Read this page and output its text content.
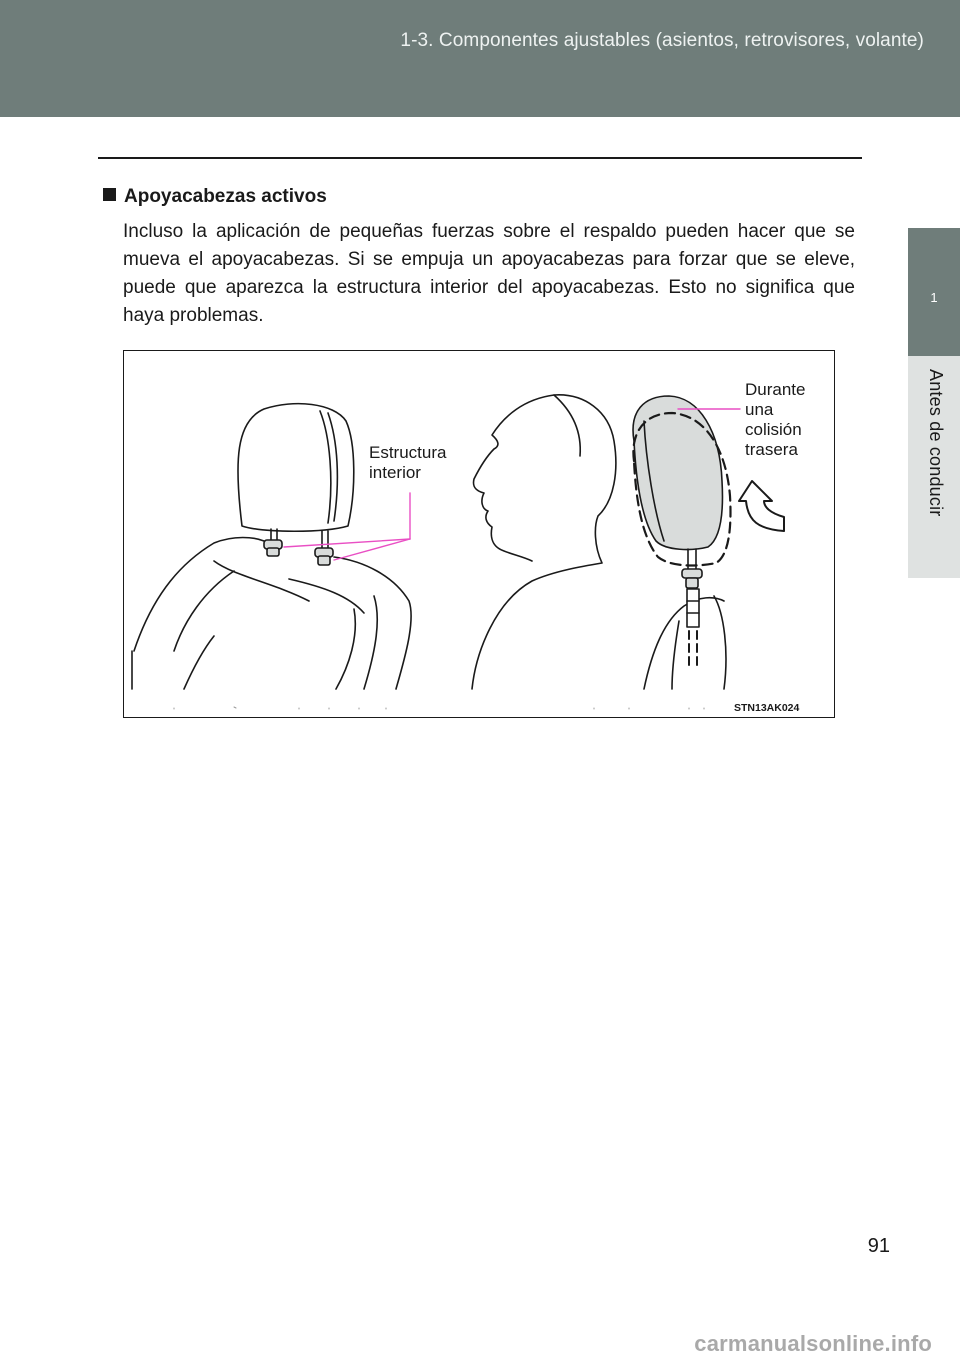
1-3. Componentes ajustables (asientos, retrovisores, volante)
1
Antes de conducir
Apoyacabezas activos
Incluso la aplicación de pequeñas fuerzas sobre el respaldo pueden hacer que se mueva el apoyacabezas. Si se empuja un apoyacabezas para forzar que se eleve, puede que aparezca la estructura interior del apoyacabezas. Esto no significa que haya problemas.
Estructura
interior
Durante
una
colisión
trasera
STN13AK024
91
carmanualsonline.info
